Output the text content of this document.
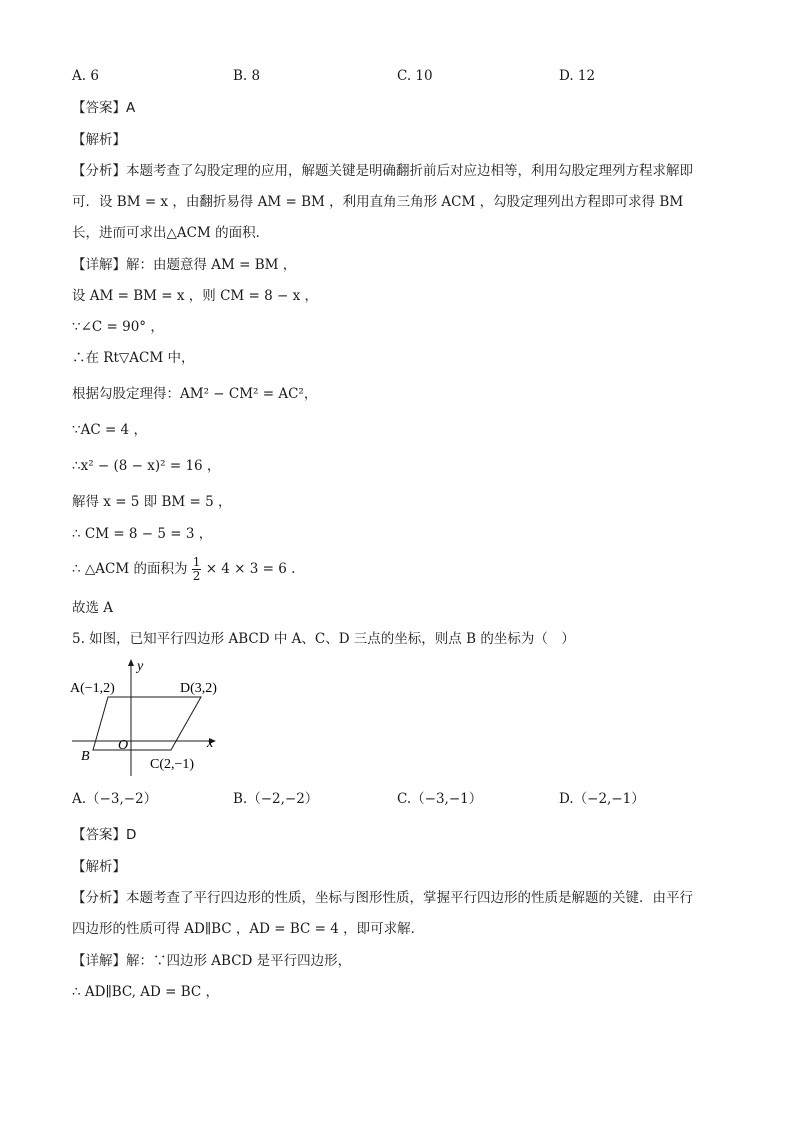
A. 6	B. 8	C. 10	D. 12
【答案】A
【解析】
【分析】本题考查了勾股定理的应用，解题关键是明确翻折前后对应边相等，利用勾股定理列方程求解即
可．设 BM = x ，由翻折易得 AM = BM ，利用直角三角形 ACM ，勾股定理列出方程即可求得 BM
长，进而可求出△ACM 的面积．
【详解】解：由题意得 AM = BM ，
设 AM = BM = x ，则 CM = 8 − x ，
∵∠C = 90° ，
∴在 Rt▽ACM 中，
根据勾股定理得：AM² − CM² = AC²，
∵AC = 4 ，
∴x² − (8 − x)² = 16 ，
解得 x = 5 即 BM = 5 ，
∴ CM = 8 − 5 = 3 ，
∴ △ACM 的面积为 $\frac{1}{2} \times 4 \times 3 = 6$ .
故选 A
5. 如图，已知平行四边形 ABCD 中 A、C、D 三点的坐标，则点 B 的坐标为（　）
A(−1,2)	D(3,2)
O	x
y
B
C(2,−1)
A.（−3,−2）	B.（−2,−2）	C.（−3,−1）	D.（−2,−1）
【答案】D
【解析】
【分析】本题考查了平行四边形的性质，坐标与图形性质，掌握平行四边形的性质是解题的关键．由平行
四边形的性质可得 AD∥BC ，AD = BC = 4 ，即可求解．
【详解】解：∵四边形 ABCD 是平行四边形，
∴ AD∥BC, AD = BC ，
